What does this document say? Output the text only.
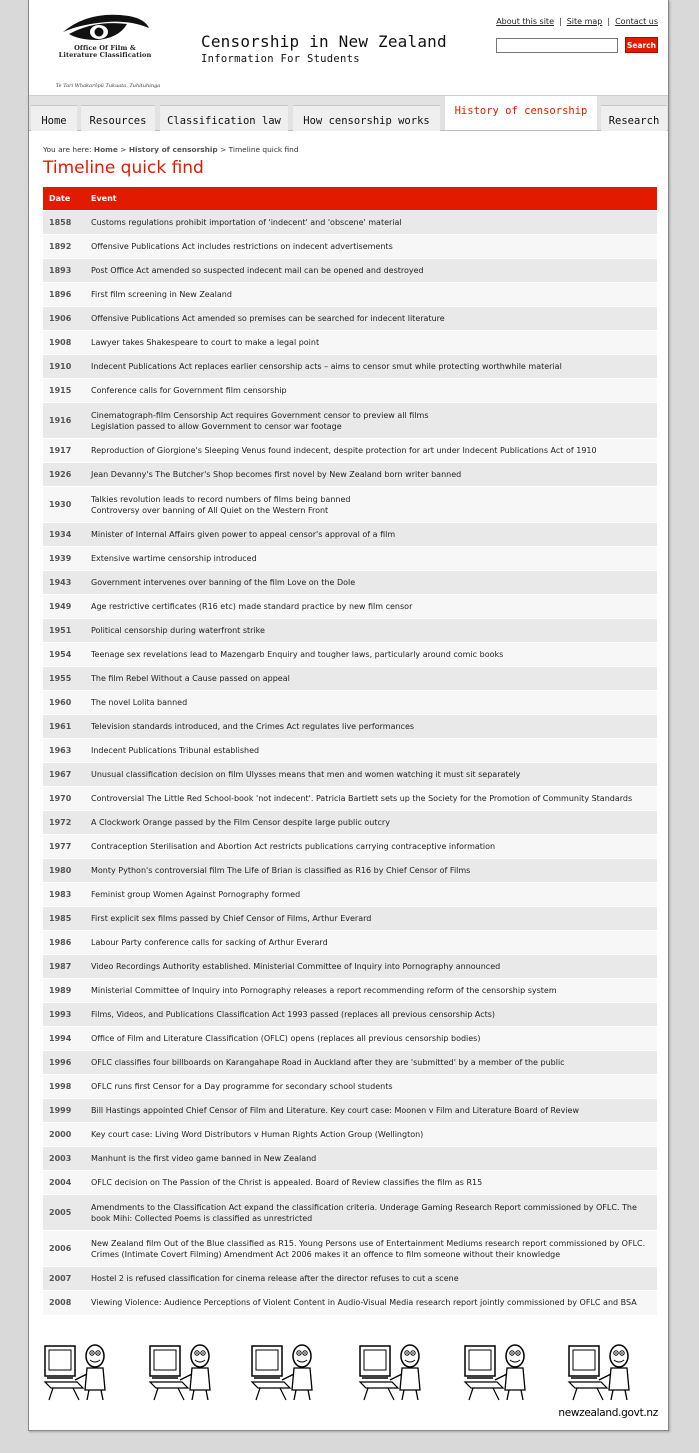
Office Of Film & Literature Classification
Te Tari Whakarōpū Tukuata, Tuhituhinga
Censorship in New Zealand
Information For Students
About this site | Site map | Contact us
Search
Home	Resources	Classification law	How censorship works
History of censorship
Research
You are here: Home > History of censorship > Timeline quick find
Timeline quick find
Date	Event
1858	Customs regulations prohibit importation of 'indecent' and 'obscene' material

1892	Offensive Publications Act includes restrictions on indecent advertisements

1893	Post Office Act amended so suspected indecent mail can be opened and destroyed

1896	First film screening in New Zealand

1906	Offensive Publications Act amended so premises can be searched for indecent literature

1908	Lawyer takes Shakespeare to court to make a legal point

1910	Indecent Publications Act replaces earlier censorship acts – aims to censor smut while protecting worthwhile material

1915	Conference calls for Government film censorship

1916	Cinematograph-film Censorship Act requires Government censor to preview all films
Legislation passed to allow Government to censor war footage

1917	Reproduction of Giorgione's Sleeping Venus found indecent, despite protection for art under Indecent Publications Act of 1910

1926	Jean Devanny's The Butcher's Shop becomes first novel by New Zealand born writer banned

1930	Talkies revolution leads to record numbers of films being banned
Controversy over banning of All Quiet on the Western Front

1934	Minister of Internal Affairs given power to appeal censor's approval of a film

1939	Extensive wartime censorship introduced

1943	Government intervenes over banning of the film Love on the Dole

1949	Age restrictive certificates (R16 etc) made standard practice by new film censor

1951	Political censorship during waterfront strike

1954	Teenage sex revelations lead to Mazengarb Enquiry and tougher laws, particularly around comic books

1955	The film Rebel Without a Cause passed on appeal

1960	The novel Lolita banned

1961	Television standards introduced, and the Crimes Act regulates live performances

1963	Indecent Publications Tribunal established

1967	Unusual classification decision on film Ulysses means that men and women watching it must sit separately

1970	Controversial The Little Red School-book 'not indecent'. Patricia Bartlett sets up the Society for the Promotion of Community Standards

1972	A Clockwork Orange passed by the Film Censor despite large public outcry

1977	Contraception Sterilisation and Abortion Act restricts publications carrying contraceptive information

1980	Monty Python's controversial film The Life of Brian is classified as R16 by Chief Censor of Films

1983	Feminist group Women Against Pornography formed

1985	First explicit sex films passed by Chief Censor of Films, Arthur Everard

1986	Labour Party conference calls for sacking of Arthur Everard

1987	Video Recordings Authority established. Ministerial Committee of Inquiry into Pornography announced

1989	Ministerial Committee of Inquiry into Pornography releases a report recommending reform of the censorship system

1993	Films, Videos, and Publications Classification Act 1993 passed (replaces all previous censorship Acts)

1994	Office of Film and Literature Classification (OFLC) opens (replaces all previous censorship bodies)

1996	OFLC classifies four billboards on Karangahape Road in Auckland after they are 'submitted' by a member of the public

1998	OFLC runs first Censor for a Day programme for secondary school students

1999	Bill Hastings appointed Chief Censor of Film and Literature. Key court case: Moonen v Film and Literature Board of Review

2000	Key court case: Living Word Distributors v Human Rights Action Group (Wellington)

2003	Manhunt is the first video game banned in New Zealand

2004	OFLC decision on The Passion of the Christ is appealed. Board of Review classifies the film as R15

2005	Amendments to the Classification Act expand the classification criteria. Underage Gaming Research Report commissioned by OFLC. The
book Mihi: Collected Poems is classified as unrestricted

2006	New Zealand film Out of the Blue classified as R15. Young Persons use of Entertainment Mediums research report commissioned by OFLC.
Crimes (Intimate Covert Filming) Amendment Act 2006 makes it an offence to film someone without their knowledge

2007	Hostel 2 is refused classification for cinema release after the director refuses to cut a scene

2008	Viewing Violence: Audience Perceptions of Violent Content in Audio-Visual Media research report jointly commissioned by OFLC and BSA
newzealand.govt.nz
